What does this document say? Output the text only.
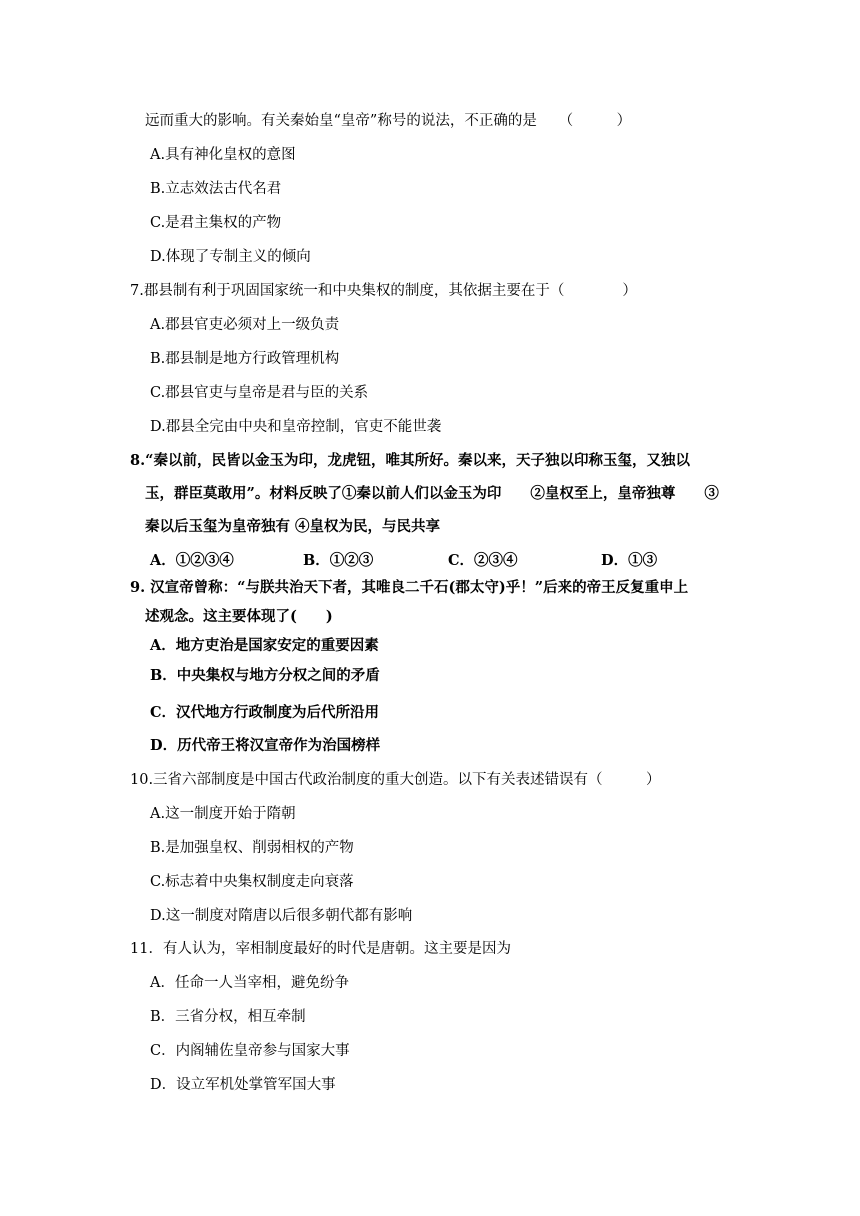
远而重大的影响。有关秦始皇“皇帝”称号的说法，不正确的是　　（　　　）
A.具有神化皇权的意图
B.立志效法古代名君
C.是君主集权的产物
D.体现了专制主义的倾向
7.郡县制有利于巩固国家统一和中央集权的制度，其依据主要在于（　　　　）
A.郡县官吏必须对上一级负责
B.郡县制是地方行政管理机构
C.郡县官吏与皇帝是君与臣的关系
D.郡县全完由中央和皇帝控制，官吏不能世袭
8.“秦以前，民皆以金玉为印，龙虎钮，唯其所好。秦以来，天子独以印称玉玺，又独以
玉，群臣莫敢用”。材料反映了①秦以前人们以金玉为印　　②皇权至上，皇帝独尊　　③
秦以后玉玺为皇帝独有 ④皇权为民，与民共享
A．①②③④	B．①②③	C．②③④	D．①③
9. 汉宣帝曾称：“与朕共治天下者，其唯良二千石(郡太守)乎！”后来的帝王反复重申上
述观念。这主要体现了(　　)
A．地方吏治是国家安定的重要因素
B．中央集权与地方分权之间的矛盾
C．汉代地方行政制度为后代所沿用
D．历代帝王将汉宣帝作为治国榜样
10.三省六部制度是中国古代政治制度的重大创造。以下有关表述错误有（　　　）
A.这一制度开始于隋朝
B.是加强皇权、削弱相权的产物
C.标志着中央集权制度走向衰落
D.这一制度对隋唐以后很多朝代都有影响
11．有人认为，宰相制度最好的时代是唐朝。这主要是因为
A．任命一人当宰相，避免纷争
B．三省分权，相互牵制
C．内阁辅佐皇帝参与国家大事
D．设立军机处掌管军国大事
